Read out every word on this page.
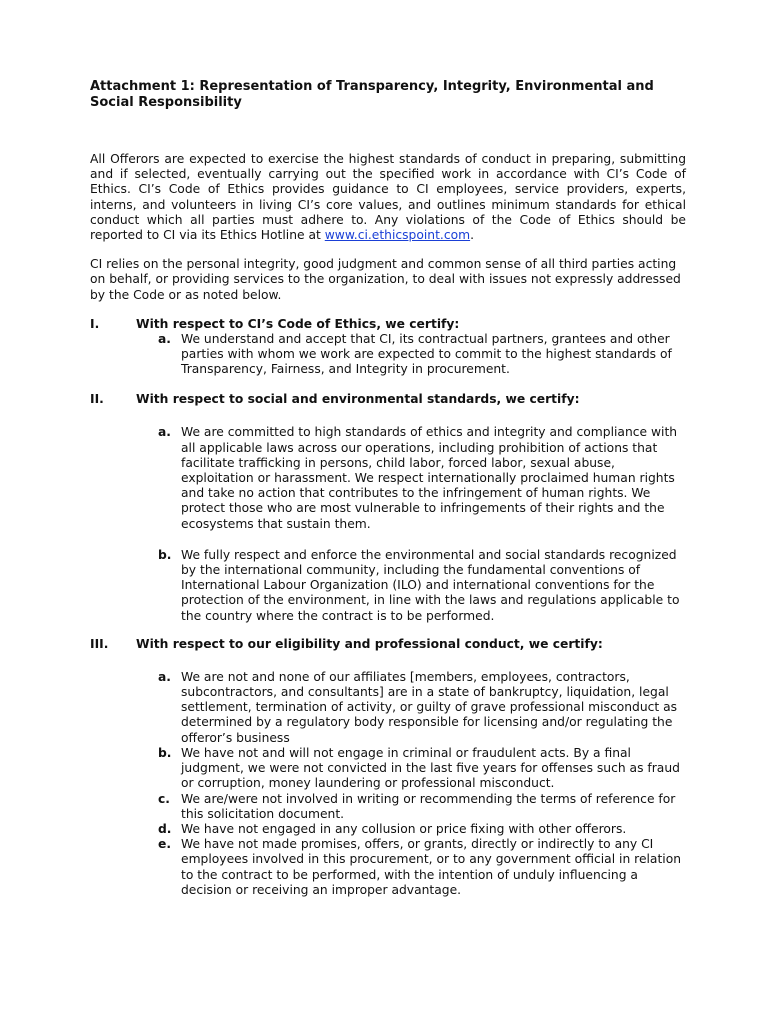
Attachment 1: Representation of Transparency, Integrity, Environmental and Social Responsibility

All Offerors are expected to exercise the highest standards of conduct in preparing, submitting and if selected, eventually carrying out the specified work in accordance with CI’s Code of Ethics. CI’s Code of Ethics provides guidance to CI employees, service providers, experts, interns, and volunteers in living CI’s core values, and outlines minimum standards for ethical conduct which all parties must adhere to. Any violations of the Code of Ethics should be reported to CI via its Ethics Hotline at www.ci.ethicspoint.com.

CI relies on the personal integrity, good judgment and common sense of all third parties acting on behalf, or providing services to the organization, to deal with issues not expressly addressed by the Code or as noted below.

I.	With respect to CI’s Code of Ethics, we certify:
a. We understand and accept that CI, its contractual partners, grantees and other parties with whom we work are expected to commit to the highest standards of Transparency, Fairness, and Integrity in procurement.
II.	With respect to social and environmental standards, we certify:
a. We are committed to high standards of ethics and integrity and compliance with all applicable laws across our operations, including prohibition of actions that facilitate trafficking in persons, child labor, forced labor, sexual abuse, exploitation or harassment. We respect internationally proclaimed human rights and take no action that contributes to the infringement of human rights. We protect those who are most vulnerable to infringements of their rights and the ecosystems that sustain them.
b. We fully respect and enforce the environmental and social standards recognized by the international community, including the fundamental conventions of International Labour Organization (ILO) and international conventions for the protection of the environment, in line with the laws and regulations applicable to the country where the contract is to be performed.
III. With respect to our eligibility and professional conduct, we certify:
a. We are not and none of our affiliates [members, employees, contractors, subcontractors, and consultants] are in a state of bankruptcy, liquidation, legal settlement, termination of activity, or guilty of grave professional misconduct as determined by a regulatory body responsible for licensing and/or regulating the offeror’s business
b. We have not and will not engage in criminal or fraudulent acts. By a final judgment, we were not convicted in the last five years for offenses such as fraud or corruption, money laundering or professional misconduct.
c. We are/were not involved in writing or recommending the terms of reference for this solicitation document.
d. We have not engaged in any collusion or price fixing with other offerors.
e. We have not made promises, offers, or grants, directly or indirectly to any CI employees involved in this procurement, or to any government official in relation to the contract to be performed, with the intention of unduly influencing a decision or receiving an improper advantage.
